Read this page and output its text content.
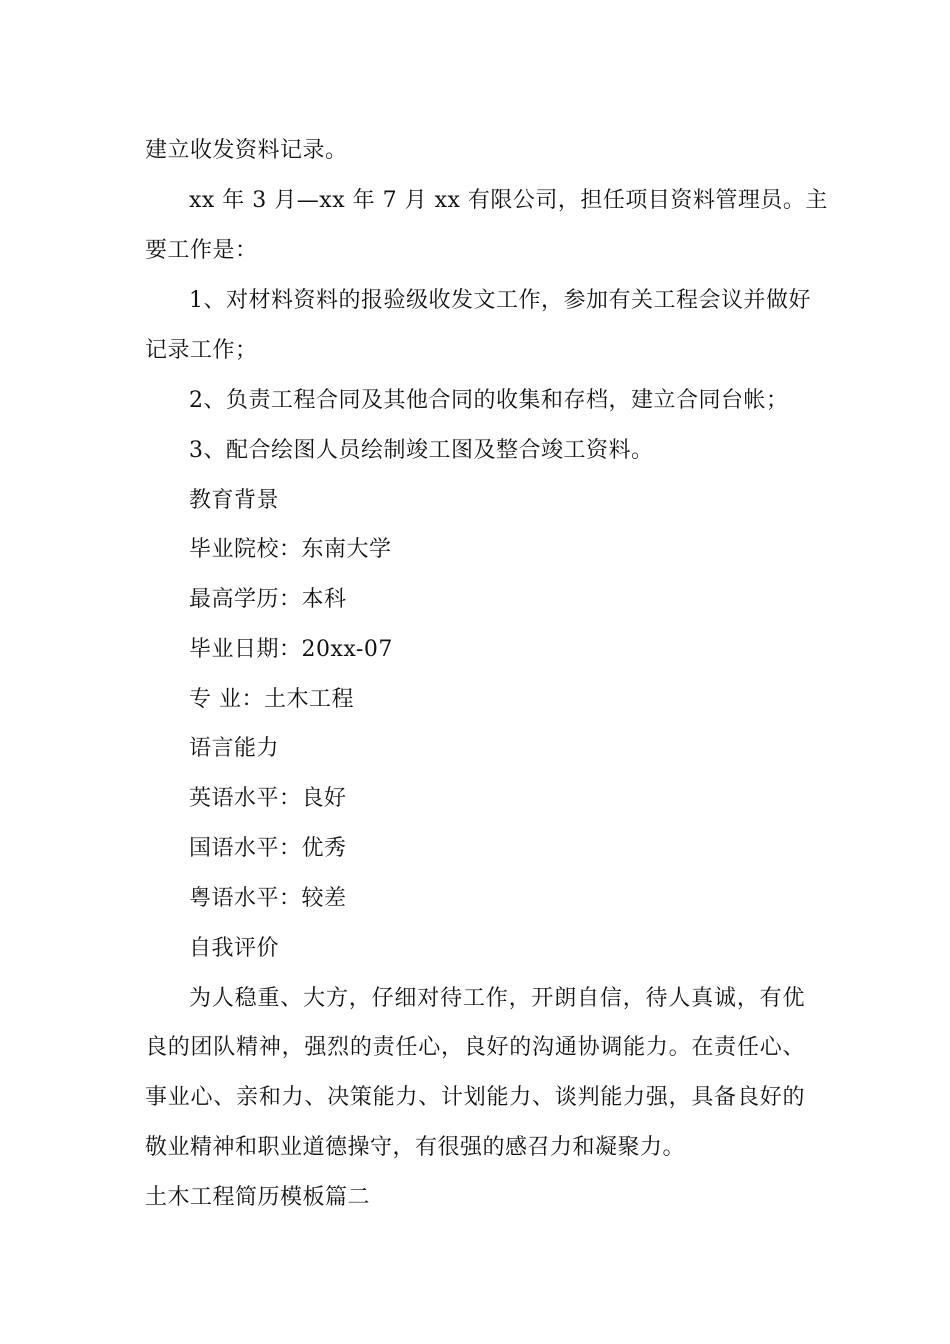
建立收发资料记录。
xx 年 3 月—xx 年 7 月 xx 有限公司，担任项目资料管理员。主
要工作是：
1、对材料资料的报验级收发文工作，参加有关工程会议并做好
记录工作；
2、负责工程合同及其他合同的收集和存档，建立合同台帐；
3、配合绘图人员绘制竣工图及整合竣工资料。
教育背景
毕业院校：东南大学
最高学历：本科
毕业日期：20xx-07
专 业：土木工程
语言能力
英语水平：良好
国语水平：优秀
粤语水平：较差
自我评价
为人稳重、大方，仔细对待工作，开朗自信，待人真诚，有优
良的团队精神，强烈的责任心，良好的沟通协调能力。在责任心、
事业心、亲和力、决策能力、计划能力、谈判能力强，具备良好的
敬业精神和职业道德操守，有很强的感召力和凝聚力。
土木工程简历模板篇二
